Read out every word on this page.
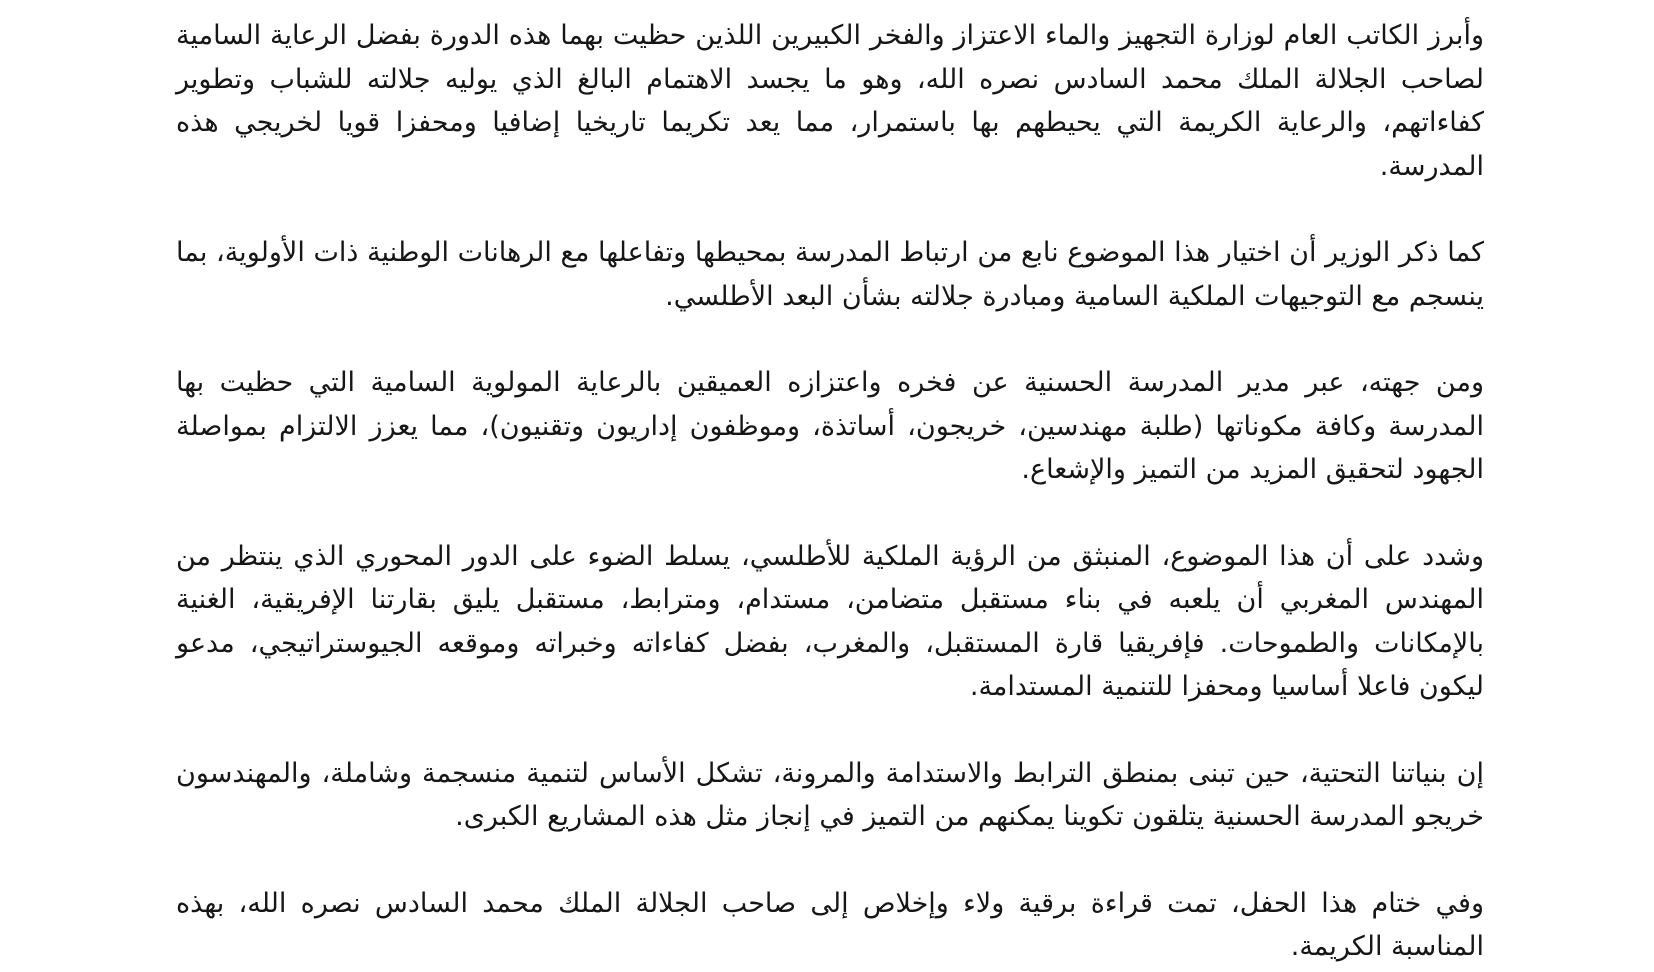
وأبرز الكاتب العام لوزارة التجهيز والماء الاعتزاز والفخر الكبيرين اللذين حظيت بهما هذه الدورة بفضل الرعاية السامية لصاحب الجلالة الملك محمد السادس نصره الله، وهو ما يجسد الاهتمام البالغ الذي يوليه جلالته للشباب وتطوير كفاءاتهم، والرعاية الكريمة التي يحيطهم بها باستمرار، مما يعد تكريما تاريخيا إضافيا ومحفزا قويا لخريجي هذه المدرسة.

كما ذكر الوزير أن اختيار هذا الموضوع نابع من ارتباط المدرسة بمحيطها وتفاعلها مع الرهانات الوطنية ذات الأولوية، بما ينسجم مع التوجيهات الملكية السامية ومبادرة جلالته بشأن البعد الأطلسي.

ومن جهته، عبر مدير المدرسة الحسنية عن فخره واعتزازه العميقين بالرعاية المولوية السامية التي حظيت بها المدرسة وكافة مكوناتها (طلبة مهندسين، خريجون، أساتذة، وموظفون إداريون وتقنيون)، مما يعزز الالتزام بمواصلة الجهود لتحقيق المزيد من التميز والإشعاع.

وشدد على أن هذا الموضوع، المنبثق من الرؤية الملكية للأطلسي، يسلط الضوء على الدور المحوري الذي ينتظر من المهندس المغربي أن يلعبه في بناء مستقبل متضامن، مستدام، ومترابط، مستقبل يليق بقارتنا الإفريقية، الغنية بالإمكانات والطموحات. فإفريقيا قارة المستقبل، والمغرب، بفضل كفاءاته وخبراته وموقعه الجيوستراتيجي، مدعو ليكون فاعلا أساسيا ومحفزا للتنمية المستدامة.

إن بنياتنا التحتية، حين تبنى بمنطق الترابط والاستدامة والمرونة، تشكل الأساس لتنمية منسجمة وشاملة، والمهندسون خريجو المدرسة الحسنية يتلقون تكوينا يمكنهم من التميز في إنجاز مثل هذه المشاريع الكبرى.

وفي ختام هذا الحفل، تمت قراءة برقية ولاء وإخلاص إلى صاحب الجلالة الملك محمد السادس نصره الله، بهذه المناسبة الكريمة.
